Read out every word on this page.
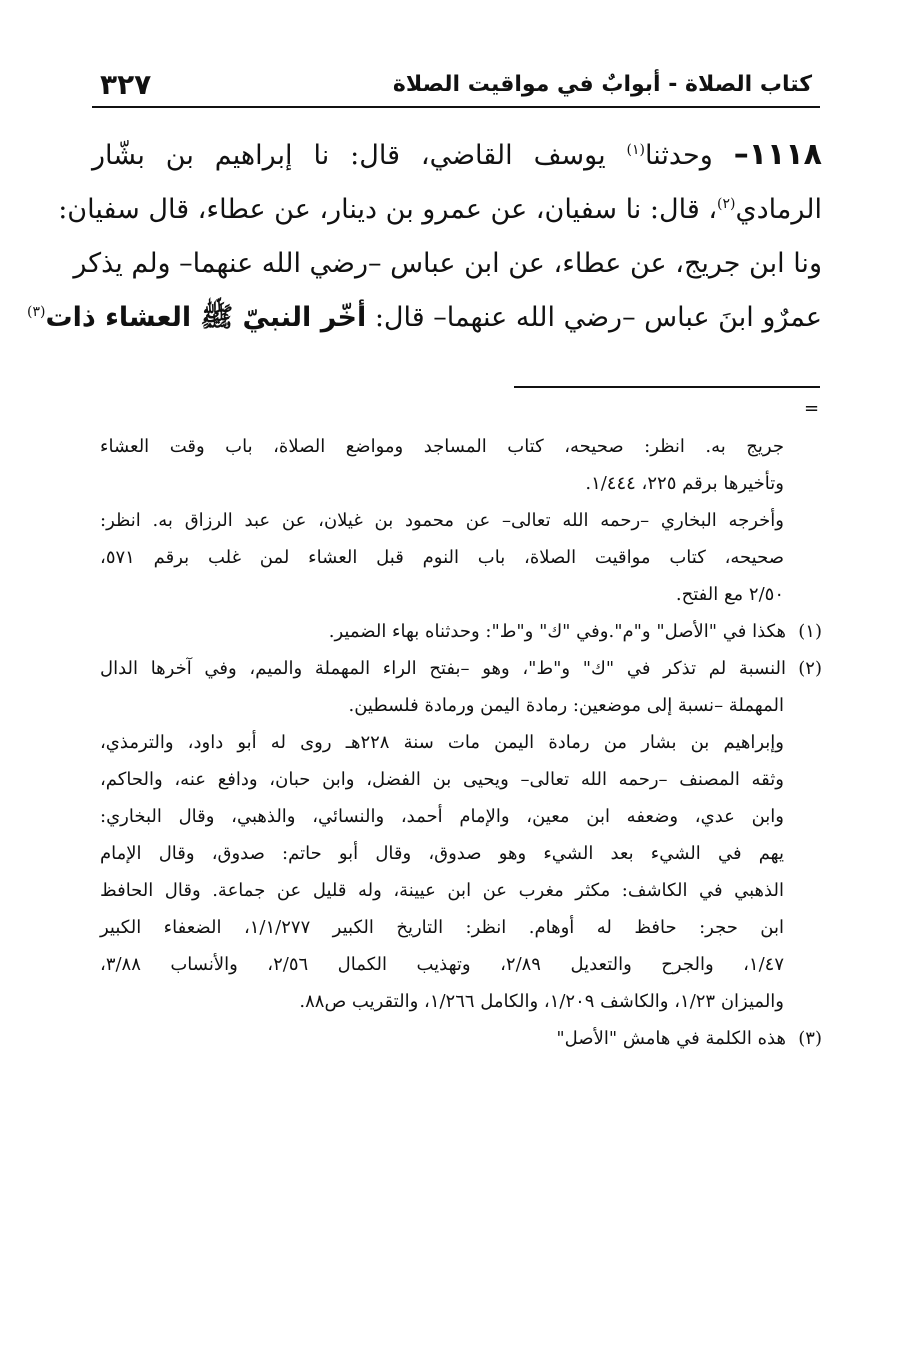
كتاب الصلاة - أبوابٌ في مواقيت الصلاة
٣٢٧
١١١٨– وحدثنا$^{(١)}$ يوسف القاضي، قال: نا إبراهيم بن بشّار
الرمادي$^{(٢)}$، قال: نا سفيان، عن عمرو بن دينار، عن عطاء، قال سفيان:
ونا ابن جريج، عن عطاء، عن ابن عباس –رضي الله عنهما– ولم يذكر
عمرٌو ابنَ عباس –رضي الله عنهما– قال: أخّر النبيّ ﷺ العشاء ذات$^{(٣)}$
=
جريج به. انظر: صحيحه، كتاب المساجد ومواضع الصلاة، باب وقت العشاء
وتأخيرها برقم ٢٢٥، ١/٤٤٤.
وأخرجه البخاري –رحمه الله تعالى– عن محمود بن غيلان، عن عبد الرزاق به. انظر:
صحيحه، كتاب مواقيت الصلاة، باب النوم قبل العشاء لمن غلب برقم ٥٧١،
٢/٥٠ مع الفتح.
(١)هكذا في "الأصل" و"م".وفي "ك" و"ط": وحدثناه بهاء الضمير.
(٢)النسبة لم تذكر في "ك" و"ط"، وهو –بفتح الراء المهملة والميم، وفي آخرها الدال
المهملة –نسبة إلى موضعين: رمادة اليمن ورمادة فلسطين.
وإبراهيم بن بشار من رمادة اليمن مات سنة ٢٢٨هـ روى له أبو داود، والترمذي،
وثقه المصنف –رحمه الله تعالى– ويحيى بن الفضل، وابن حبان، ودافع عنه، والحاكم،
وابن عدي، وضعفه ابن معين، والإمام أحمد، والنسائي، والذهبي، وقال البخاري:
يهم في الشيء بعد الشيء وهو صدوق، وقال أبو حاتم: صدوق، وقال الإمام
الذهبي في الكاشف: مكثر مغرب عن ابن عيينة، وله قليل عن جماعة. وقال الحافظ
ابن حجر: حافظ له أوهام. انظر: التاريخ الكبير ١/١/٢٧٧، الضعفاء الكبير
١/٤٧، والجرح والتعديل ٢/٨٩، وتهذيب الكمال ٢/٥٦، والأنساب ٣/٨٨،
والميزان ١/٢٣، والكاشف ١/٢٠٩، والكامل ١/٢٦٦، والتقريب ص٨٨.
(٣)هذه الكلمة في هامش "الأصل"
